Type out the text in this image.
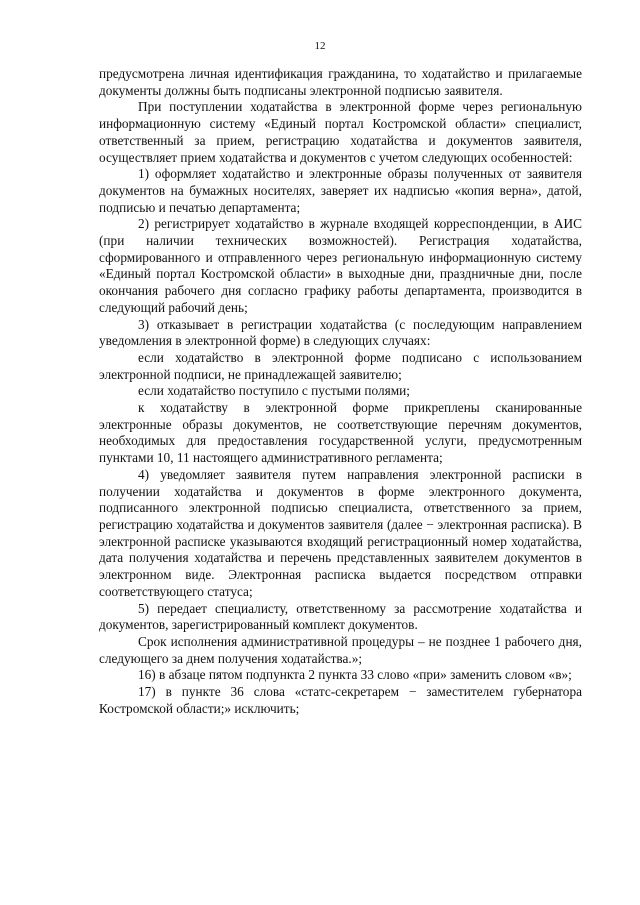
12

предусмотрена личная идентификация гражданина, то ходатайство и прилагаемые документы должны быть подписаны электронной подписью заявителя.

При поступлении ходатайства в электронной форме через региональную информационную систему «Единый портал Костромской области» специалист, ответственный за прием, регистрацию ходатайства и документов заявителя, осуществляет прием ходатайства и документов с учетом следующих особенностей:

1) оформляет ходатайство и электронные образы полученных от заявителя документов на бумажных носителях, заверяет их надписью «копия верна», датой, подписью и печатью департамента;

2) регистрирует ходатайство в журнале входящей корреспонденции, в АИС (при наличии технических возможностей). Регистрация ходатайства, сформированного и отправленного через региональную информационную систему «Единый портал Костромской области» в выходные дни, праздничные дни, после окончания рабочего дня согласно графику работы департамента, производится в следующий рабочий день;

3) отказывает в регистрации ходатайства (с последующим направлением уведомления в электронной форме) в следующих случаях:

если ходатайство в электронной форме подписано с использованием электронной подписи, не принадлежащей заявителю;

если ходатайство поступило с пустыми полями;

к ходатайству в электронной форме прикреплены сканированные электронные образы документов, не соответствующие перечням документов, необходимых для предоставления государственной услуги, предусмотренным пунктами 10, 11 настоящего административного регламента;

4) уведомляет заявителя путем направления электронной расписки в получении ходатайства и документов в форме электронного документа, подписанного электронной подписью специалиста, ответственного за прием, регистрацию ходатайства и документов заявителя (далее − электронная расписка). В электронной расписке указываются входящий регистрационный номер ходатайства, дата получения ходатайства и перечень представленных заявителем документов в электронном виде. Электронная расписка выдается посредством отправки соответствующего статуса;

5) передает специалисту, ответственному за рассмотрение ходатайства и документов, зарегистрированный комплект документов.

Срок исполнения административной процедуры – не позднее 1 рабочего дня, следующего за днем получения ходатайства.»;

16) в абзаце пятом подпункта 2 пункта 33 слово «при» заменить словом «в»;

17) в пункте 36 слова «статс-секретарем − заместителем губернатора Костромской области;» исключить;
